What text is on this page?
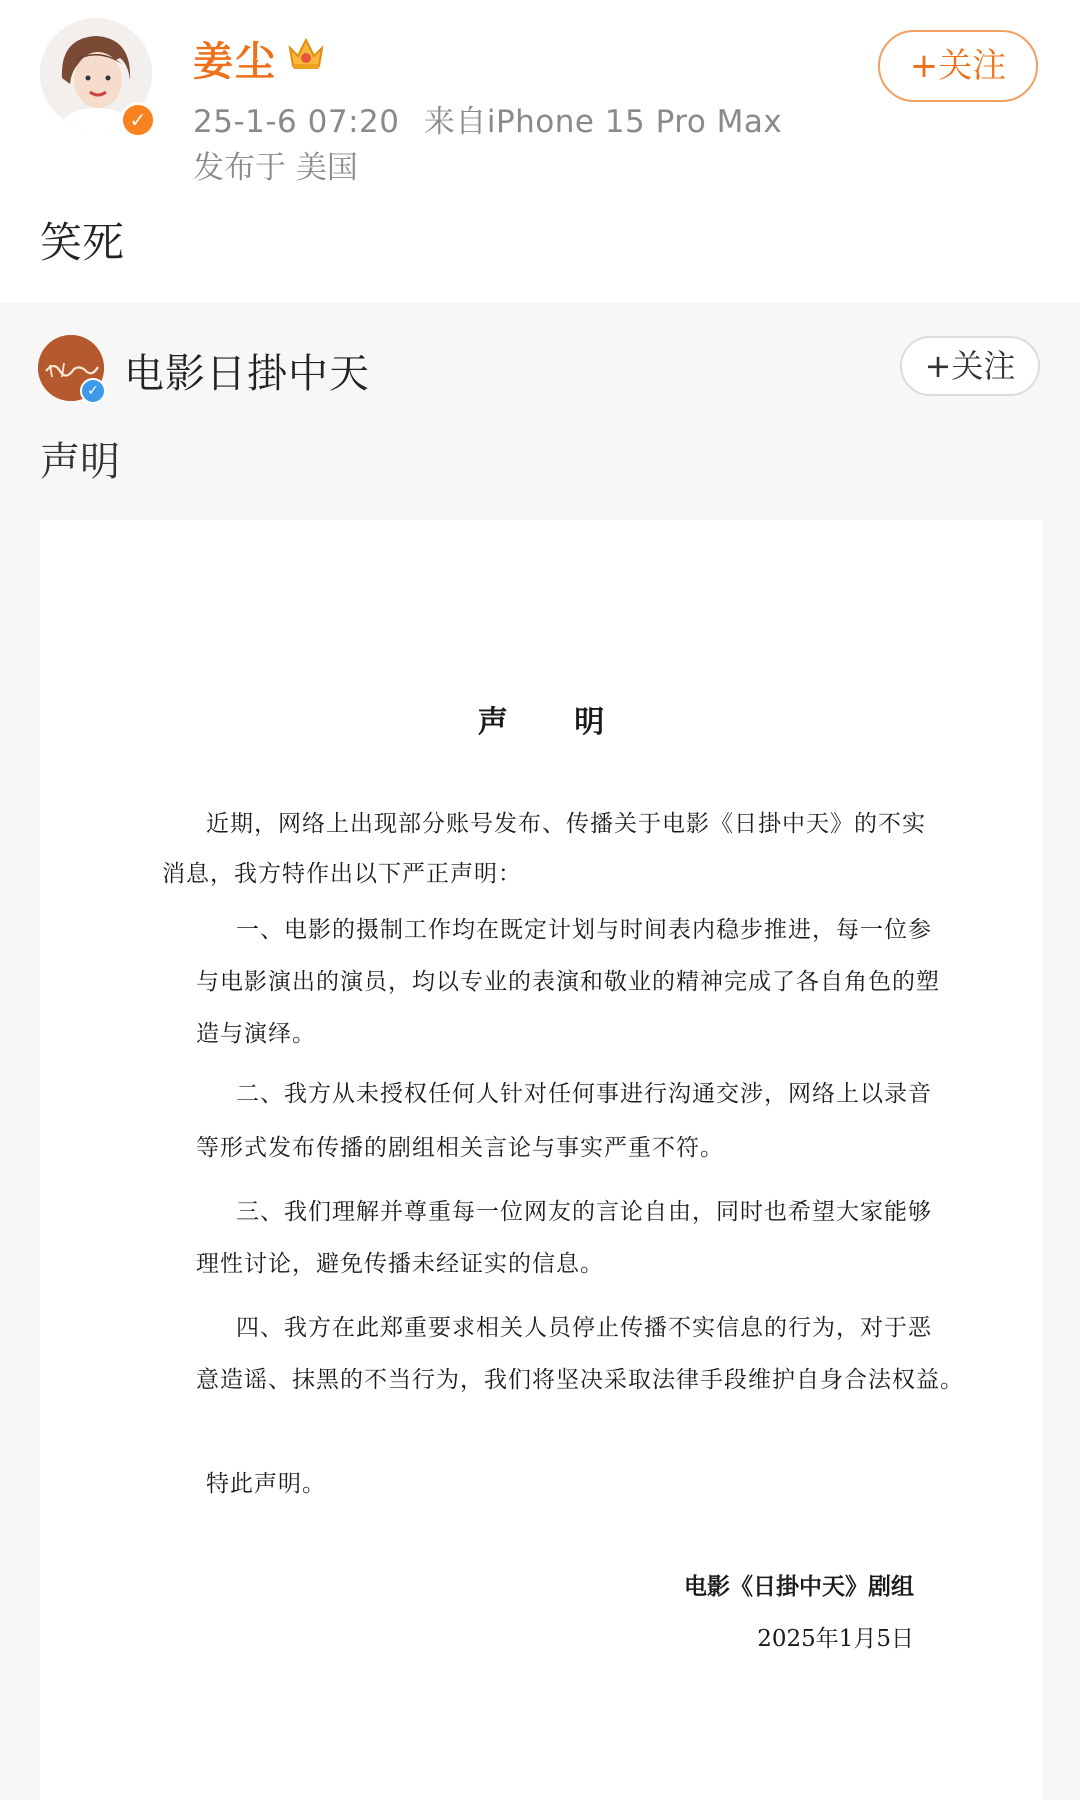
✓
姜尘
25-1-6 07:20 来自iPhone 15 Pro Max
发布于 美国
+关注
笑死
✓ 电影日掛中天	+关注
声明
声 明
近期，网络上出现部分账号发布、传播关于电影《日掛中天》的不实
消息，我方特作出以下严正声明：
一、电影的摄制工作均在既定计划与时间表内稳步推进，每一位参
与电影演出的演员，均以专业的表演和敬业的精神完成了各自角色的塑
造与演绎。
二、我方从未授权任何人针对任何事进行沟通交涉，网络上以录音
等形式发布传播的剧组相关言论与事实严重不符。
三、我们理解并尊重每一位网友的言论自由，同时也希望大家能够
理性讨论，避免传播未经证实的信息。
四、我方在此郑重要求相关人员停止传播不实信息的行为，对于恶
意造谣、抹黑的不当行为，我们将坚决采取法律手段维护自身合法权益。
特此声明。
电影《日掛中天》剧组
2025年1月5日
